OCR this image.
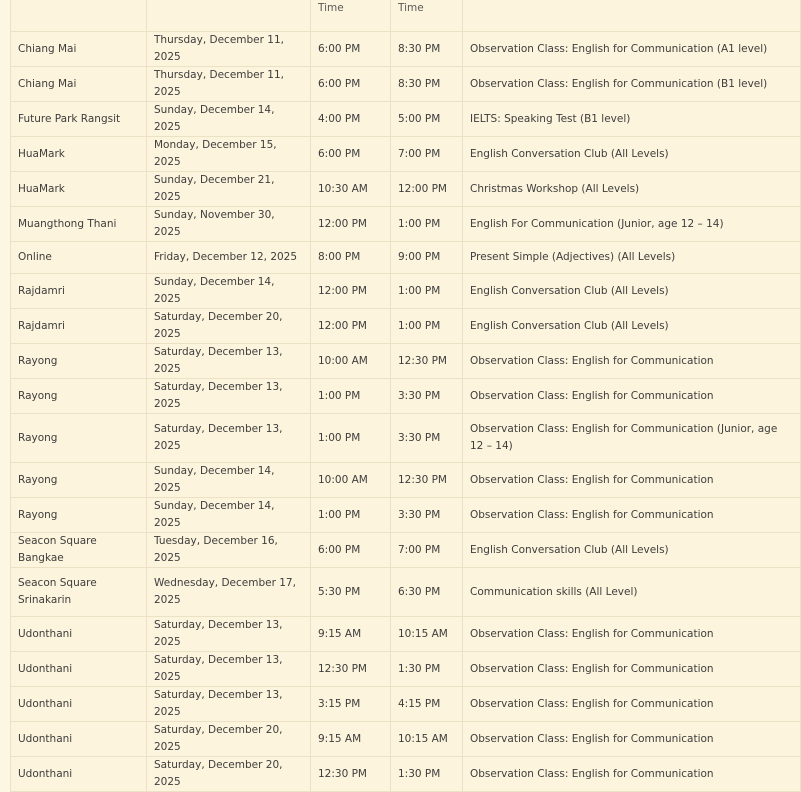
		Time	Time	
Chiang Mai	Thursday, December 11, 2025	6:00 PM	8:30 PM	Observation Class: English for Communication (A1 level)
Chiang Mai	Thursday, December 11, 2025	6:00 PM	8:30 PM	Observation Class: English for Communication (B1 level)
Future Park Rangsit	Sunday, December 14, 2025	4:00 PM	5:00 PM	IELTS: Speaking Test (B1 level)
HuaMark	Monday, December 15, 2025	6:00 PM	7:00 PM	English Conversation Club (All Levels)
HuaMark	Sunday, December 21, 2025	10:30 AM	12:00 PM	Christmas Workshop (All Levels)
Muangthong Thani	Sunday, November 30, 2025	12:00 PM	1:00 PM	English For Communication (Junior, age 12 – 14)
Online	Friday, December 12, 2025	8:00 PM	9:00 PM	Present Simple (Adjectives) (All Levels)
Rajdamri	Sunday, December 14, 2025	12:00 PM	1:00 PM	English Conversation Club (All Levels)
Rajdamri	Saturday, December 20, 2025	12:00 PM	1:00 PM	English Conversation Club (All Levels)
Rayong	Saturday, December 13, 2025	10:00 AM	12:30 PM	Observation Class: English for Communication
Rayong	Saturday, December 13, 2025	1:00 PM	3:30 PM	Observation Class: English for Communication
Rayong	Saturday, December 13, 2025	1:00 PM	3:30 PM	Observation Class: English for Communication (Junior, age 12 – 14)
Rayong	Sunday, December 14, 2025	10:00 AM	12:30 PM	Observation Class: English for Communication
Rayong	Sunday, December 14, 2025	1:00 PM	3:30 PM	Observation Class: English for Communication
Seacon Square Bangkae	Tuesday, December 16, 2025	6:00 PM	7:00 PM	English Conversation Club (All Levels)
Seacon Square Srinakarin	Wednesday, December 17, 2025	5:30 PM	6:30 PM	Communication skills (All Level)
Udonthani	Saturday, December 13, 2025	9:15 AM	10:15 AM	Observation Class: English for Communication
Udonthani	Saturday, December 13, 2025	12:30 PM	1:30 PM	Observation Class: English for Communication
Udonthani	Saturday, December 13, 2025	3:15 PM	4:15 PM	Observation Class: English for Communication
Udonthani	Saturday, December 20, 2025	9:15 AM	10:15 AM	Observation Class: English for Communication
Udonthani	Saturday, December 20, 2025	12:30 PM	1:30 PM	Observation Class: English for Communication
